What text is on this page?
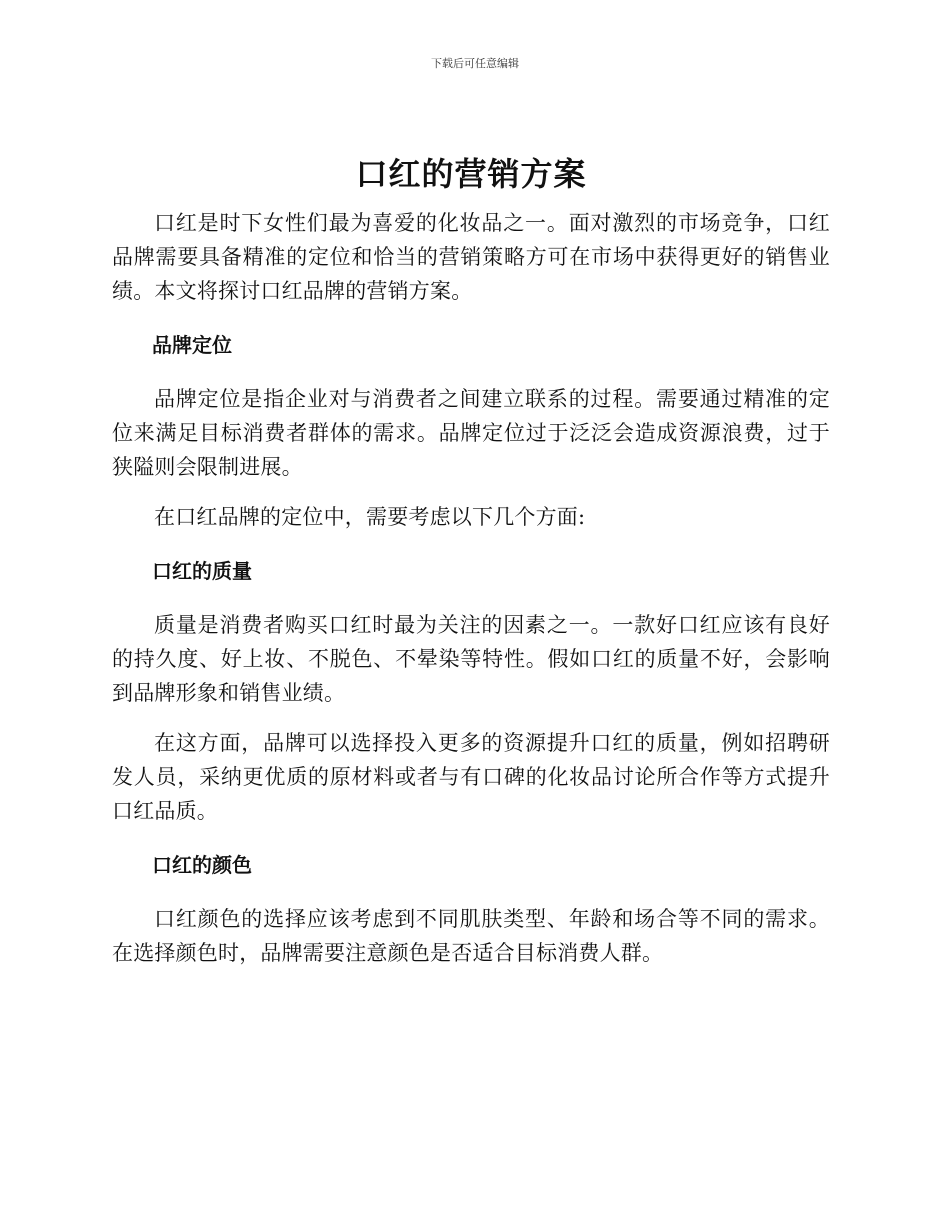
下载后可任意编辑
口红的营销方案

口红是时下女性们最为喜爱的化妆品之一。面对激烈的市场竞争，口红品牌需要具备精准的定位和恰当的营销策略方可在市场中获得更好的销售业绩。本文将探讨口红品牌的营销方案。

品牌定位

品牌定位是指企业对与消费者之间建立联系的过程。需要通过精准的定位来满足目标消费者群体的需求。品牌定位过于泛泛会造成资源浪费，过于狭隘则会限制进展。

在口红品牌的定位中，需要考虑以下几个方面:

口红的质量

质量是消费者购买口红时最为关注的因素之一。一款好口红应该有良好的持久度、好上妆、不脱色、不晕染等特性。假如口红的质量不好，会影响到品牌形象和销售业绩。

在这方面，品牌可以选择投入更多的资源提升口红的质量，例如招聘研发人员，采纳更优质的原材料或者与有口碑的化妆品讨论所合作等方式提升口红品质。

口红的颜色

口红颜色的选择应该考虑到不同肌肤类型、年龄和场合等不同的需求。在选择颜色时，品牌需要注意颜色是否适合目标消费人群。
